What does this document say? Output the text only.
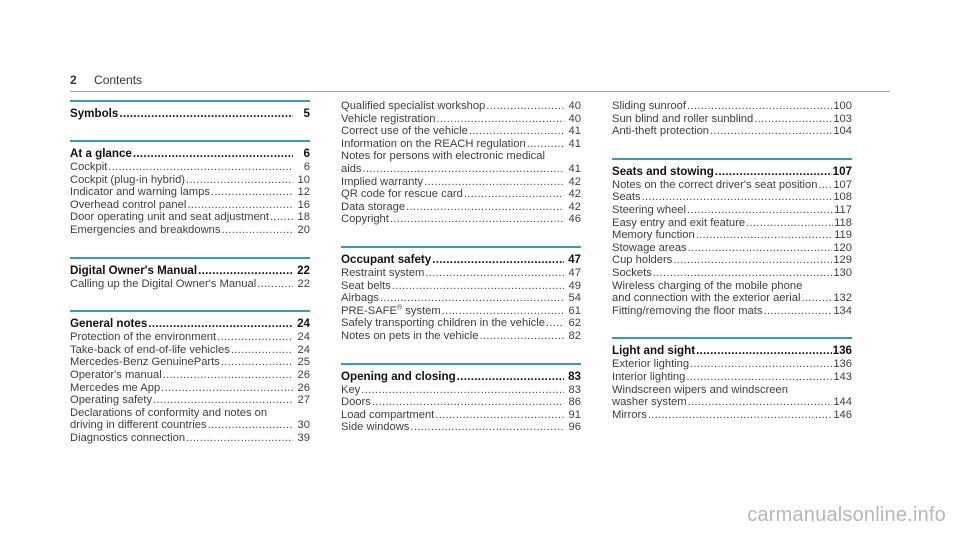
2 Contents
Symbols .....	5
At a glance .....	6
Cockpit .....	6
Cockpit (plug-in hybrid) .....	10
Indicator and warning lamps .....	12
Overhead control panel .....	16
Door operating unit and seat adjustment .....	18
Emergencies and breakdowns .....	20
Digital Owner's Manual .....	22
Calling up the Digital Owner's Manual .....	22
General notes .....	24
Protection of the environment .....	24
Take-back of end-of-life vehicles .....	24
Mercedes-Benz GenuineParts .....	25
Operator's manual .....	26
Mercedes me App .....	26
Operating safety .....	27
Declarations of conformity and notes on
driving in different countries .....	30
Diagnostics connection .....	39
Qualified specialist workshop .....	40
Vehicle registration .....	40
Correct use of the vehicle .....	41
Information on the REACH regulation .....	41
Notes for persons with electronic medical
aids .....	41
Implied warranty .....	42
QR code for rescue card .....	42
Data storage .....	42
Copyright .....	46
Occupant safety .....	47
Restraint system .....	47
Seat belts .....	49
Airbags .....	54
PRE-SAFE® system .....	61
Safely transporting children in the vehicle .....	62
Notes on pets in the vehicle .....	82
Opening and closing .....	83
Key .....	83
Doors .....	86
Load compartment .....	91
Side windows .....	96
Sliding sunroof .....	100
Sun blind and roller sunblind .....	103
Anti-theft protection .....	104
Seats and stowing .....	107
Notes on the correct driver's seat position ..... 107
Seats .....	108
Steering wheel .....	117
Easy entry and exit feature .....	118
Memory function .....	119
Stowage areas .....	120
Cup holders .....	129
Sockets .....	130
Wireless charging of the mobile phone
and connection with the exterior aerial .....	132
Fitting/removing the floor mats .....	134
Light and sight .....	136
Exterior lighting .....	136
Interior lighting .....	143
Windscreen wipers and windscreen
washer system .....	144
Mirrors .....	146
carmanualsonline.info
